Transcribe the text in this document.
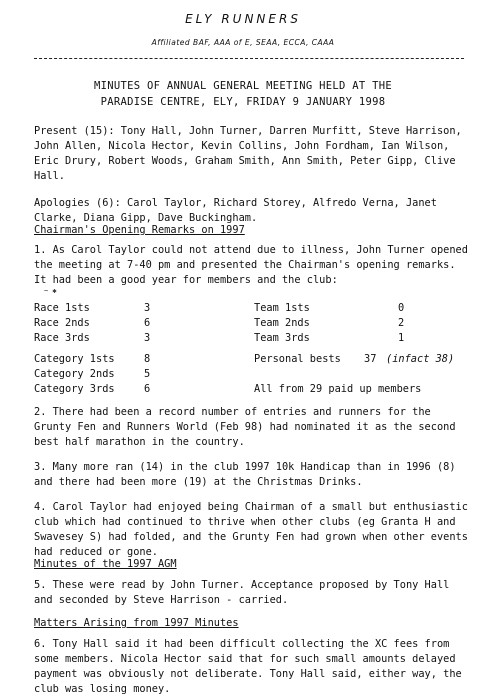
ELY RUNNERS
Affiliated BAF, AAA of E, SEAA, ECCA, CAAA
MINUTES OF ANNUAL GENERAL MEETING HELD AT THE
PARADISE CENTRE, ELY, FRIDAY 9 JANUARY 1998
Present (15): Tony Hall, John Turner, Darren Murfitt, Steve Harrison, John Allen, Nicola Hector, Kevin Collins, John Fordham, Ian Wilson, Eric Drury, Robert Woods, Graham Smith, Ann Smith, Peter Gipp, Clive Hall.
Apologies (6): Carol Taylor, Richard Storey, Alfredo Verna, Janet Clarke, Diana Gipp, Dave Buckingham.
Chairman's Opening Remarks on 1997
1. As Carol Taylor could not attend due to illness, John Turner opened the meeting at 7-40 pm and presented the Chairman's opening remarks. It had been a good year for members and the club:
~ ✱
Race 1sts	3	Team 1sts	0
Race 2nds	6	Team 2nds	2
Race 3rds	3	Team 3rds	1
Category 1sts	8	Personal bests 37 (infact 38)
Category 2nds	5
Category 3rds	6	All from 29 paid up members
2. There had been a record number of entries and runners for the Grunty Fen and Runners World (Feb 98) had nominated it as the second best half marathon in the country.
3. Many more ran (14) in the club 1997 10k Handicap than in 1996 (8) and there had been more (19) at the Christmas Drinks.
4. Carol Taylor had enjoyed being Chairman of a small but enthusiastic club which had continued to thrive when other clubs (eg Granta H and Swavesey S) had folded, and the Grunty Fen had grown when other events had reduced or gone.
Minutes of the 1997 AGM
5. These were read by John Turner. Acceptance proposed by Tony Hall and seconded by Steve Harrison - carried.
Matters Arising from 1997 Minutes
6. Tony Hall said it had been difficult collecting the XC fees from some members. Nicola Hector said that for such small amounts delayed payment was obviously not deliberate. Tony Hall said, either way, the club was losing money.
